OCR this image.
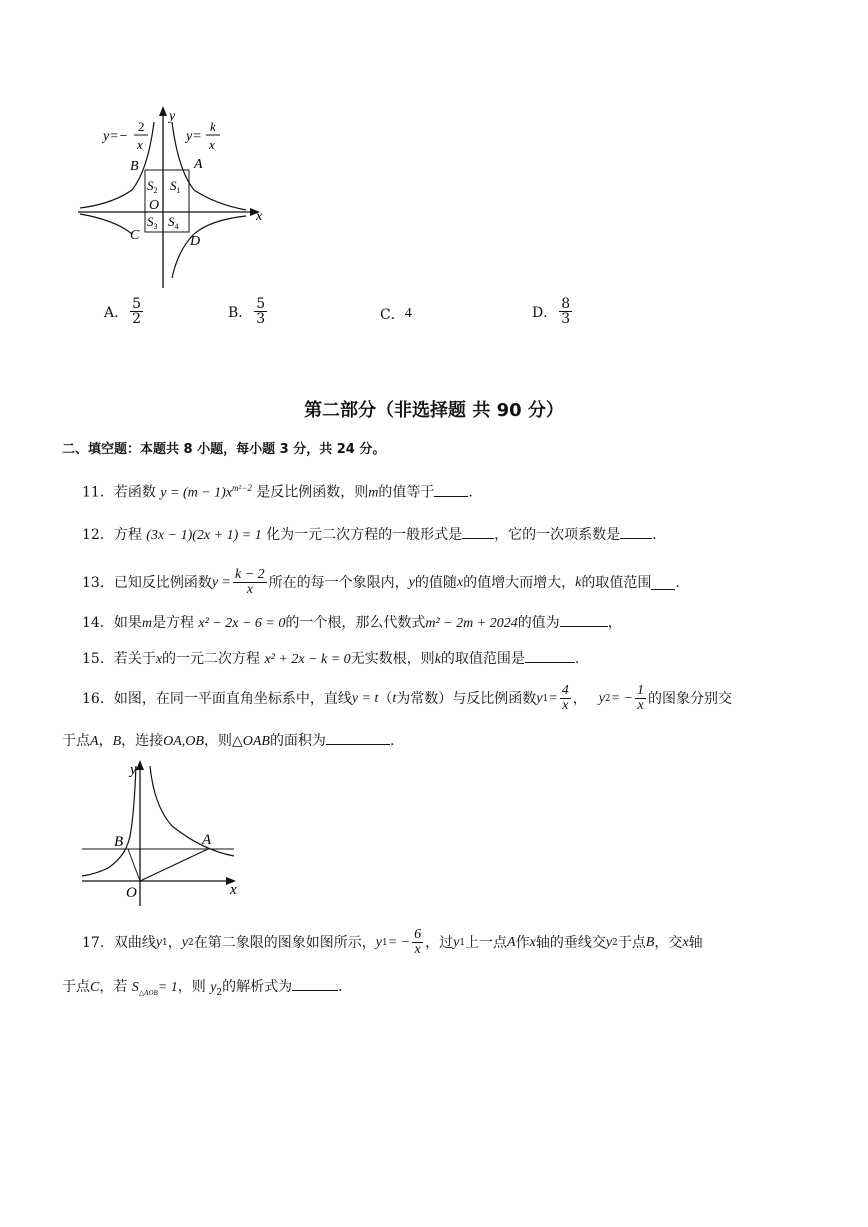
y=−
2
x
y=
k
x
y
x
B	A
C	D
O
$S_1$
$S_2$
$S_3$ $S_4$
A． $\frac{5}{2}$	B． $\frac{5}{3}$	C． 4	D． $\frac{8}{3}$
第二部分（非选择题 共 90 分）
二、填空题：本题共 8 小题，每小题 3 分，共 24 分。
11．若函数 $y = (m - 1)x^{m^2-2}$ 是反比例函数，则m的值等于 .
12．方程 (3x − 1)(2x + 1) = 1 化为一元二次方程的一般形式是 ，它的一次项系数是 .
13． 已知反比例函数 $y = \frac{k - 2}{x}$ 所在的每一个象限内， y 的值随 x 的值增大而增大， k 的取值范围 .
14．如果m是方程 x² − 2x − 6 = 0的一个根，那么代数式m² − 2m + 2024的值为	，
15．若关于x的一元二次方程 x² + 2x − k = 0无实数根，则k的取值范围是	.
16． 如图，在同一平面直角坐标系中，直线 y = t （ t 为常数）与反比例函数 y $1 = \frac{4}{x}$ ， y 2 = − $\frac{1}{x}$ 的图象分别交
于点A，B，连接OA,OB，则△OAB的面积为	.
y
x
B	A
O
17． 双曲线 y 1 ， y 2 在第二象限的图象如图所示， y 1 = − $\frac{6}{x}$ ，过 y 1 上一点 A 作 x 轴的垂线交 y 2 于点 B ，交 x 轴
于点C，若 $S_{\triangle AOB}= 1$，则 $y_2$的解析式为	.
